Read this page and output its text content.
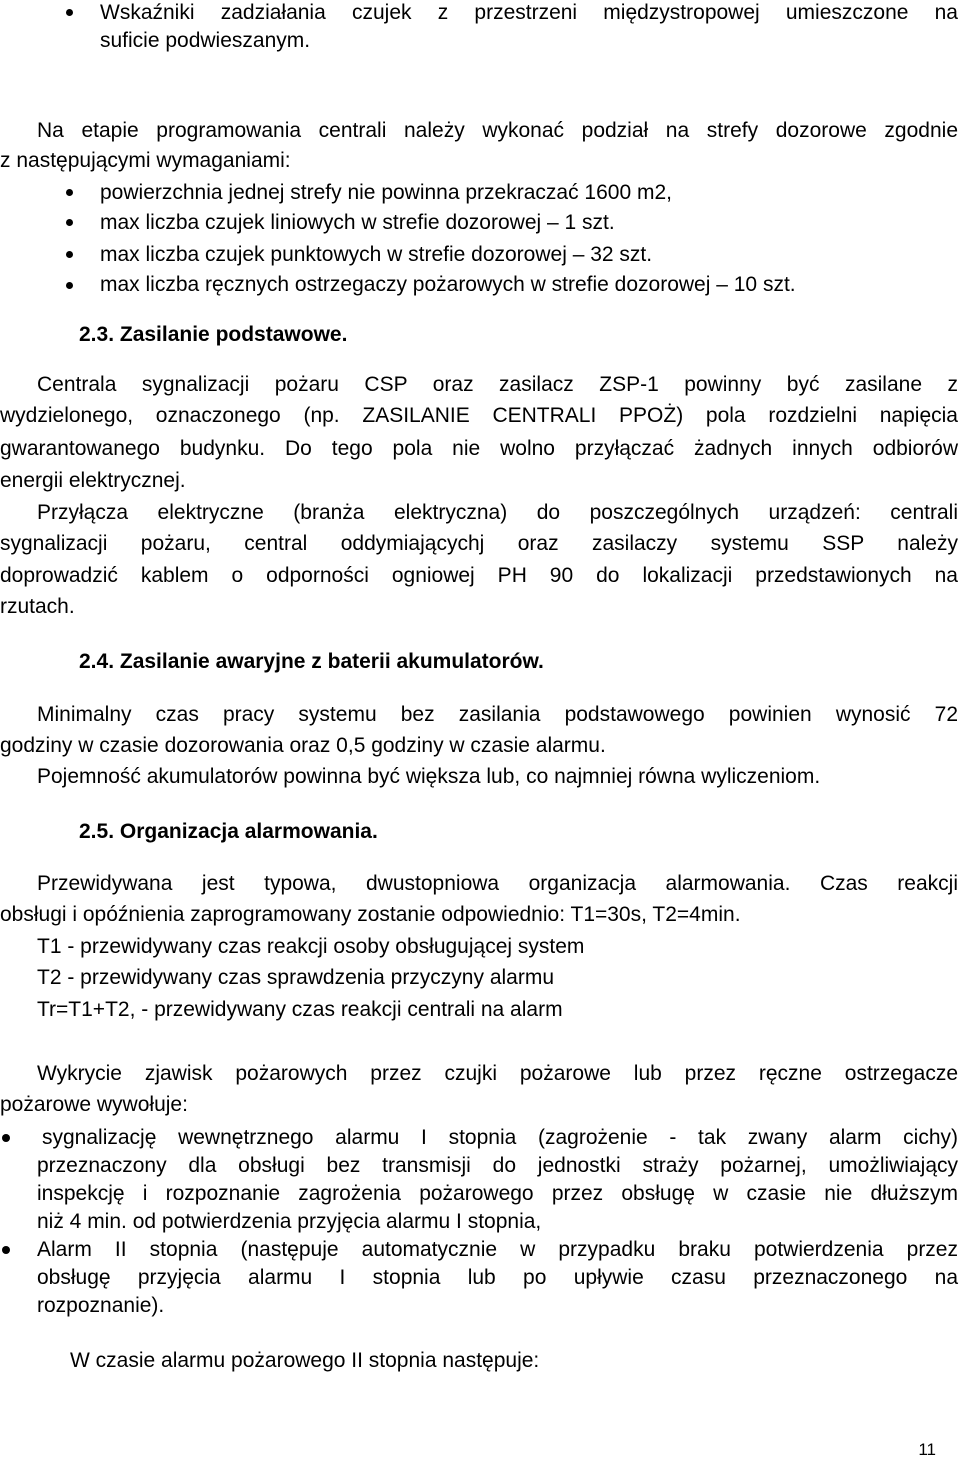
Wskaźniki zadziałania czujek z przestrzeni międzystropowej umieszczone na
suficie podwieszanym.
Na etapie programowania centrali należy wykonać podział na strefy dozorowe zgodnie
z następującymi wymaganiami:
powierzchnia jednej strefy nie powinna przekraczać 1600 m2,
max liczba czujek liniowych w strefie dozorowej – 1 szt.
max liczba czujek punktowych w strefie dozorowej – 32 szt.
max liczba ręcznych ostrzegaczy pożarowych w strefie dozorowej – 10 szt.
2.3. Zasilanie podstawowe.
Centrala sygnalizacji pożaru CSP oraz zasilacz ZSP-1 powinny być zasilane z
wydzielonego, oznaczonego (np. ZASILANIE CENTRALI PPOŻ) pola rozdzielni napięcia
gwarantowanego budynku. Do tego pola nie wolno przyłączać żadnych innych odbiorów
energii elektrycznej.
Przyłącza elektryczne (branża elektryczna) do poszczególnych urządzeń: centrali
sygnalizacji pożaru, central oddymiającychj oraz zasilaczy systemu SSP należy
doprowadzić kablem o odporności ogniowej PH 90 do lokalizacji przedstawionych na
rzutach.
2.4. Zasilanie awaryjne z baterii akumulatorów.
Minimalny czas pracy systemu bez zasilania podstawowego powinien wynosić 72
godziny w czasie dozorowania oraz 0,5 godziny w czasie alarmu.
Pojemność akumulatorów powinna być większa lub, co najmniej równa wyliczeniom.
2.5. Organizacja alarmowania.
Przewidywana jest typowa, dwustopniowa organizacja alarmowania. Czas reakcji
obsługi i opóźnienia zaprogramowany zostanie odpowiednio: T1=30s, T2=4min.
T1 - przewidywany czas reakcji osoby obsługującej system
T2 - przewidywany czas sprawdzenia przyczyny alarmu
Tr=T1+T2, - przewidywany czas reakcji centrali na alarm
Wykrycie zjawisk pożarowych przez czujki pożarowe lub przez ręczne ostrzegacze
pożarowe wywołuje:
sygnalizację wewnętrznego alarmu I stopnia (zagrożenie - tak zwany alarm cichy)
przeznaczony dla obsługi bez transmisji do jednostki straży pożarnej, umożliwiający
inspekcję i rozpoznanie zagrożenia pożarowego przez obsługę w czasie nie dłuższym
niż 4 min. od potwierdzenia przyjęcia alarmu I stopnia,
Alarm II stopnia (następuje automatycznie w przypadku braku potwierdzenia przez
obsługę przyjęcia alarmu I stopnia lub po upływie czasu przeznaczonego na
rozpoznanie).
W czasie alarmu pożarowego II stopnia następuje:
11
